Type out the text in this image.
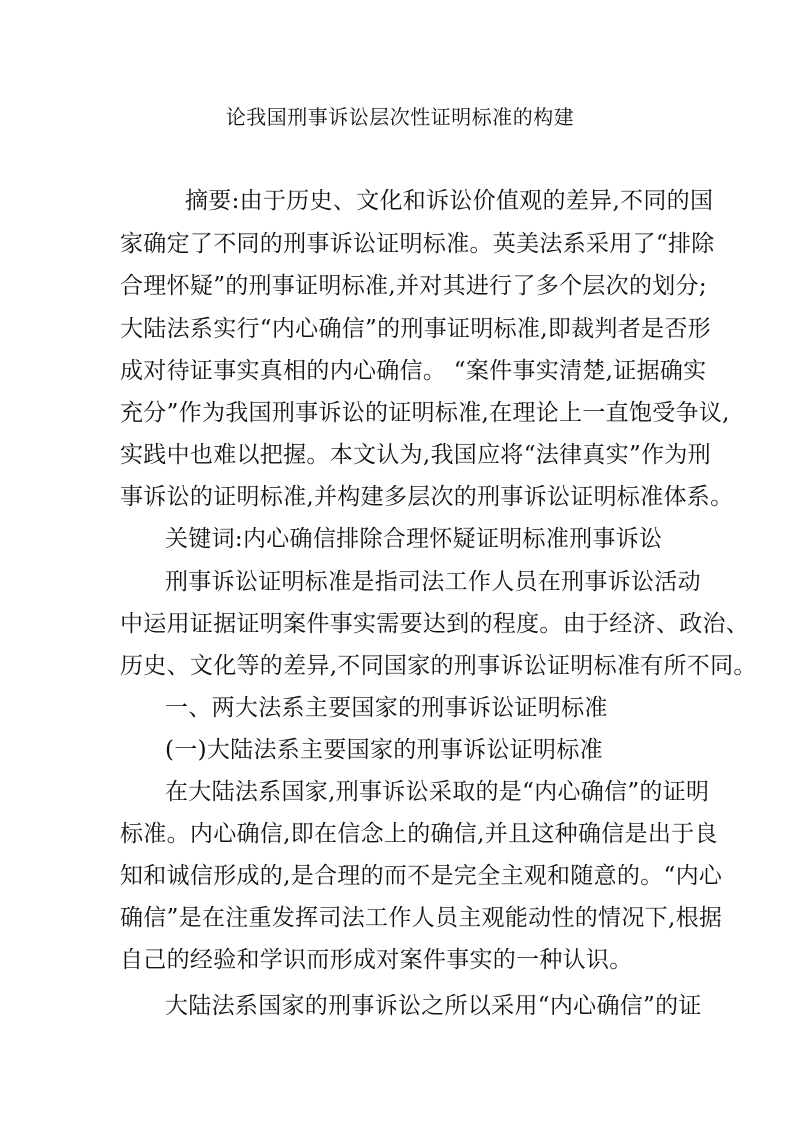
论我国刑事诉讼层次性证明标准的构建
摘要:由于历史、文化和诉讼价值观的差异,不同的国
家确定了不同的刑事诉讼证明标准。英美法系采用了“排除
合理怀疑”的刑事证明标准,并对其进行了多个层次的划分;
大陆法系实行“内心确信”的刑事证明标准,即裁判者是否形
成对待证事实真相的内心确信。 “案件事实清楚,证据确实
充分”作为我国刑事诉讼的证明标准,在理论上一直饱受争议,
实践中也难以把握。本文认为,我国应将“法律真实”作为刑
事诉讼的证明标准,并构建多层次的刑事诉讼证明标准体系。
关键词:内心确信排除合理怀疑证明标准刑事诉讼
刑事诉讼证明标准是指司法工作人员在刑事诉讼活动
中运用证据证明案件事实需要达到的程度。由于经济、政治、
历史、文化等的差异,不同国家的刑事诉讼证明标准有所不同。
一、两大法系主要国家的刑事诉讼证明标准
(一)大陆法系主要国家的刑事诉讼证明标准
在大陆法系国家,刑事诉讼采取的是“内心确信”的证明
标准。内心确信,即在信念上的确信,并且这种确信是出于良
知和诚信形成的,是合理的而不是完全主观和随意的。“内心
确信”是在注重发挥司法工作人员主观能动性的情况下,根据
自己的经验和学识而形成对案件事实的一种认识。
大陆法系国家的刑事诉讼之所以采用“内心确信”的证
